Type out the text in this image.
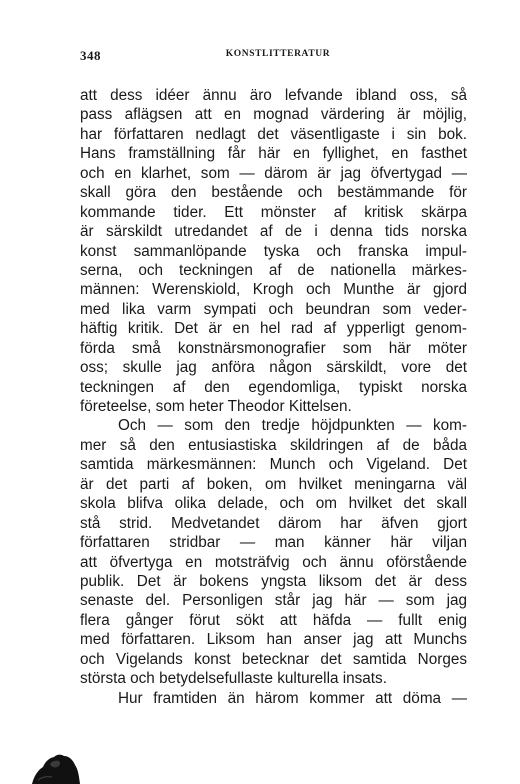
348	KONSTLITTERATUR
att dess idéer ännu äro lefvande ibland oss, så
pass aflägsen att en mognad värdering är möjlig,
har författaren nedlagt det väsentligaste i sin bok.
Hans framställning får här en fyllighet, en fasthet
och en klarhet, som — därom är jag öfvertygad —
skall göra den bestående och bestämmande för
kommande tider. Ett mönster af kritisk skärpa
är särskildt utredandet af de i denna tids norska
konst sammanlöpande tyska och franska impul-
serna, och teckningen af de nationella märkes-
männen: Werenskiold, Krogh och Munthe är gjord
med lika varm sympati och beundran som veder-
häftig kritik. Det är en hel rad af ypperligt genom-
förda små konstnärsmonografier som här möter
oss; skulle jag anföra någon särskildt, vore det
teckningen af den egendomliga, typiskt norska
företeelse, som heter Theodor Kittelsen.
Och — som den tredje höjdpunkten — kom-
mer så den entusiastiska skildringen af de båda
samtida märkesmännen: Munch och Vigeland. Det
är det parti af boken, om hvilket meningarna väl
skola blifva olika delade, och om hvilket det skall
stå strid. Medvetandet därom har äfven gjort
författaren stridbar — man känner här viljan
att öfvertyga en motsträfvig och ännu oförstående
publik. Det är bokens yngsta liksom det är dess
senaste del. Personligen står jag här — som jag
flera gånger förut sökt att häfda — fullt enig
med författaren. Liksom han anser jag att Munchs
och Vigelands konst betecknar det samtida Norges
största och betydelsefullaste kulturella insats.
Hur framtiden än härom kommer att döma —
